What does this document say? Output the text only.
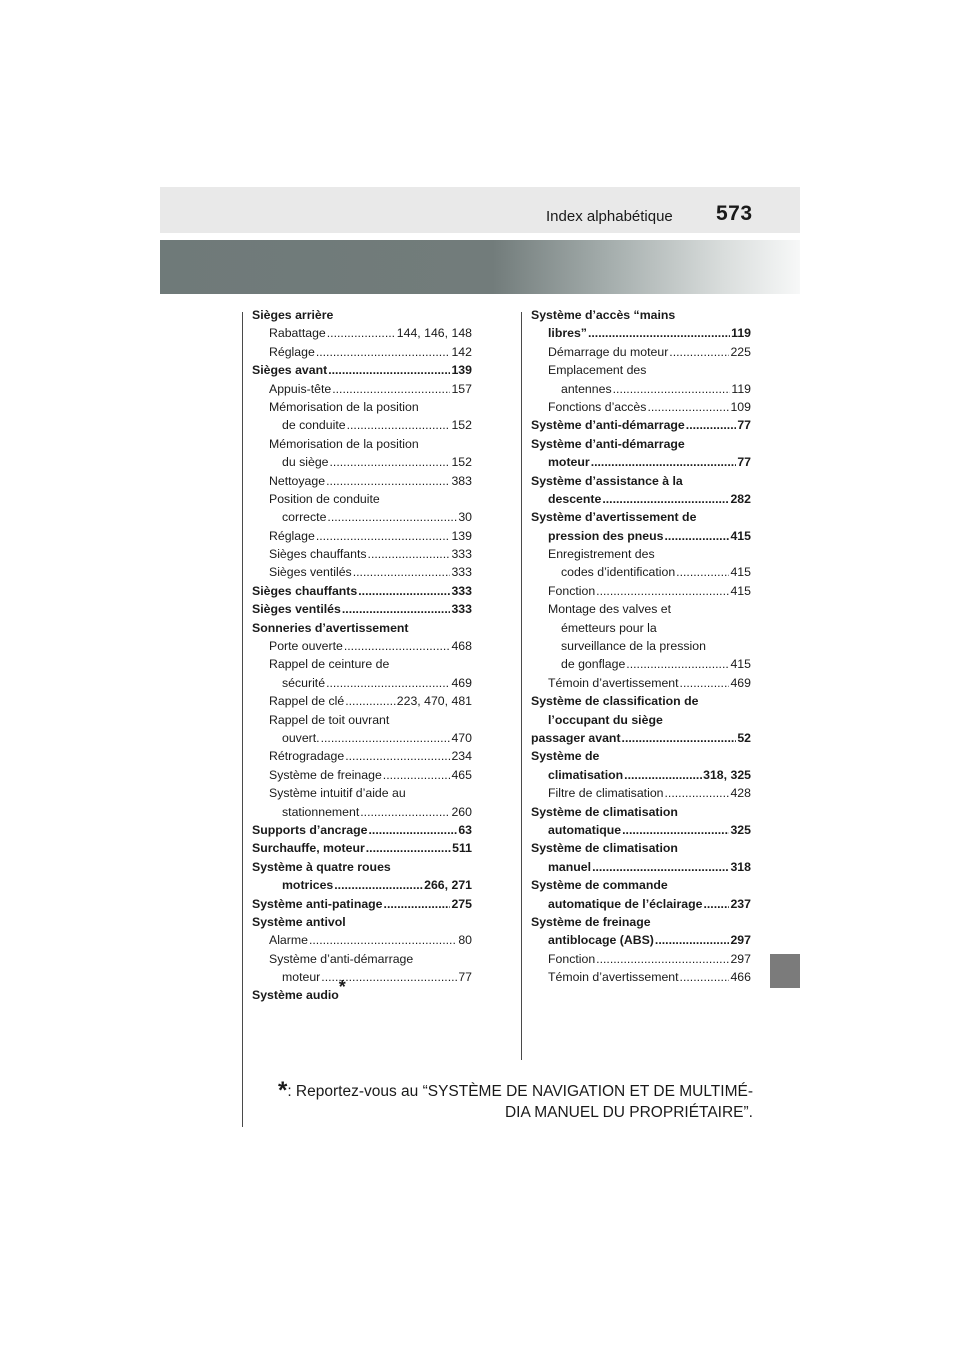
Index alphabétique 573
Sièges arrière
Rabattage .....	144, 146, 148
Réglage .....	142
Sièges avant .....	139
Appuis-tête .....	157
Mémorisation de la position
de conduite .....	152
Mémorisation de la position
du siège .....	152
Nettoyage .....	383
Position de conduite
correcte .....	30
Réglage .....	139
Sièges chauffants .....	333
Sièges ventilés .....	333
Sièges chauffants .....	333
Sièges ventilés .....	333
Sonneries d’avertissement
Porte ouverte .....	468
Rappel de ceinture de
sécurité .....	469
Rappel de clé .....	223, 470, 481
Rappel de toit ouvrant
ouvert. .....	470
Rétrogradage .....	234
Système de freinage .....	465
Système intuitif d’aide au
stationnement .....	260
Supports d’ancrage .....	63
Surchauffe, moteur .....	511
Système à quatre roues
motrices .....	266, 271
Système anti-patinage .....	275
Système antivol
Alarme .....	80
Système d’anti-démarrage
moteur .....	77
Système audio*
Système d’accès “mains
libres” .....	119
Démarrage du moteur .....	225
Emplacement des
antennes .....	119
Fonctions d’accès .....	109
Système d’anti-démarrage .....	77
Système d’anti-démarrage
moteur .....	77
Système d’assistance à la
descente .....	282
Système d’avertissement de
pression des pneus .....	415
Enregistrement des
codes d’identification .....	415
Fonction .....	415
Montage des valves et
émetteurs pour la
surveillance de la pression
de gonflage .....	415
Témoin d’avertissement .....	469
Système de classification de
l’occupant du siège
passager avant .....	52
Système de
climatisation .....	318, 325
Filtre de climatisation .....	428
Système de climatisation
automatique .....	325
Système de climatisation
manuel .....	318
Système de commande
automatique de l’éclairage ..... 237
Système de freinage
antiblocage (ABS) .....	297
Fonction .....	297
Témoin d’avertissement .....	466
*: Reportez-vous au “SYSTÈME DE NAVIGATION ET DE MULTIMÉ-
DIA MANUEL DU PROPRIÉTAIRE”.
